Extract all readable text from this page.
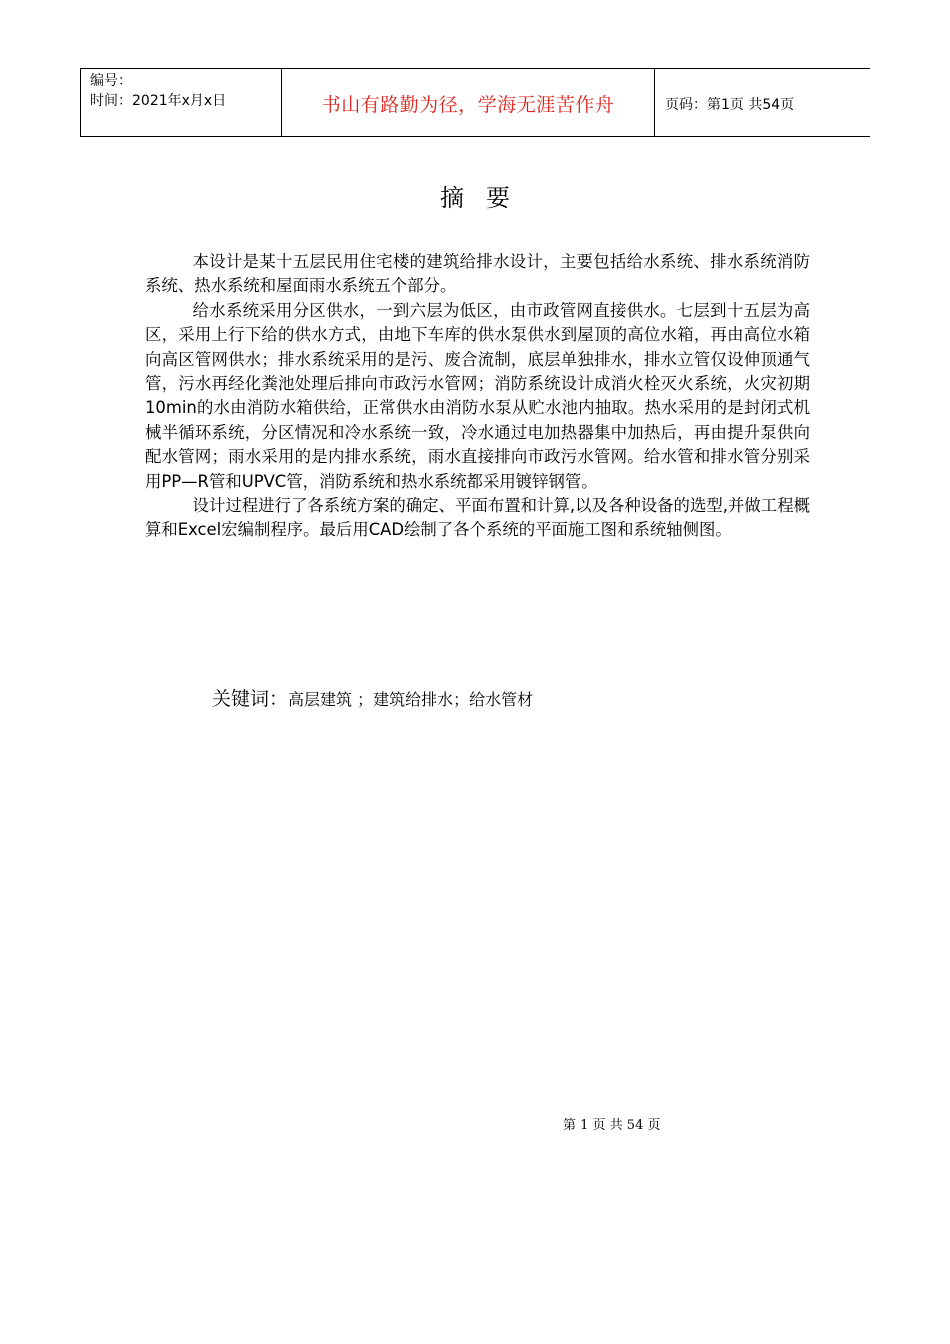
编号：
时间：2021年x月x日	书山有路勤为径，学海无涯苦作舟	页码：第1页 共54页
摘要

本设计是某十五层民用住宅楼的建筑给排水设计，主要包括给水系统、排水系统消防系统、热水系统和屋面雨水系统五个部分。

给水系统采用分区供水，一到六层为低区，由市政管网直接供水。七层到十五层为高区，采用上行下给的供水方式，由地下车库的供水泵供水到屋顶的高位水箱，再由高位水箱向高区管网供水；排水系统采用的是污、废合流制，底层单独排水，排水立管仅设伸顶通气管，污水再经化粪池处理后排向市政污水管网；消防系统设计成消火栓灭火系统，火灾初期10min的水由消防水箱供给，正常供水由消防水泵从贮水池内抽取。热水采用的是封闭式机械半循环系统，分区情况和冷水系统一致，冷水通过电加热器集中加热后，再由提升泵供向配水管网；雨水采用的是内排水系统，雨水直接排向市政污水管网。给水管和排水管分别采用PP—R管和UPVC管，消防系统和热水系统都采用镀锌钢管。

设计过程进行了各系统方案的确定、平面布置和计算,以及各种设备的选型,并做工程概算和Excel宏编制程序。最后用CAD绘制了各个系统的平面施工图和系统轴侧图。

关键词：高层建筑 ；建筑给排水；给水管材
第 1 页 共 54 页
